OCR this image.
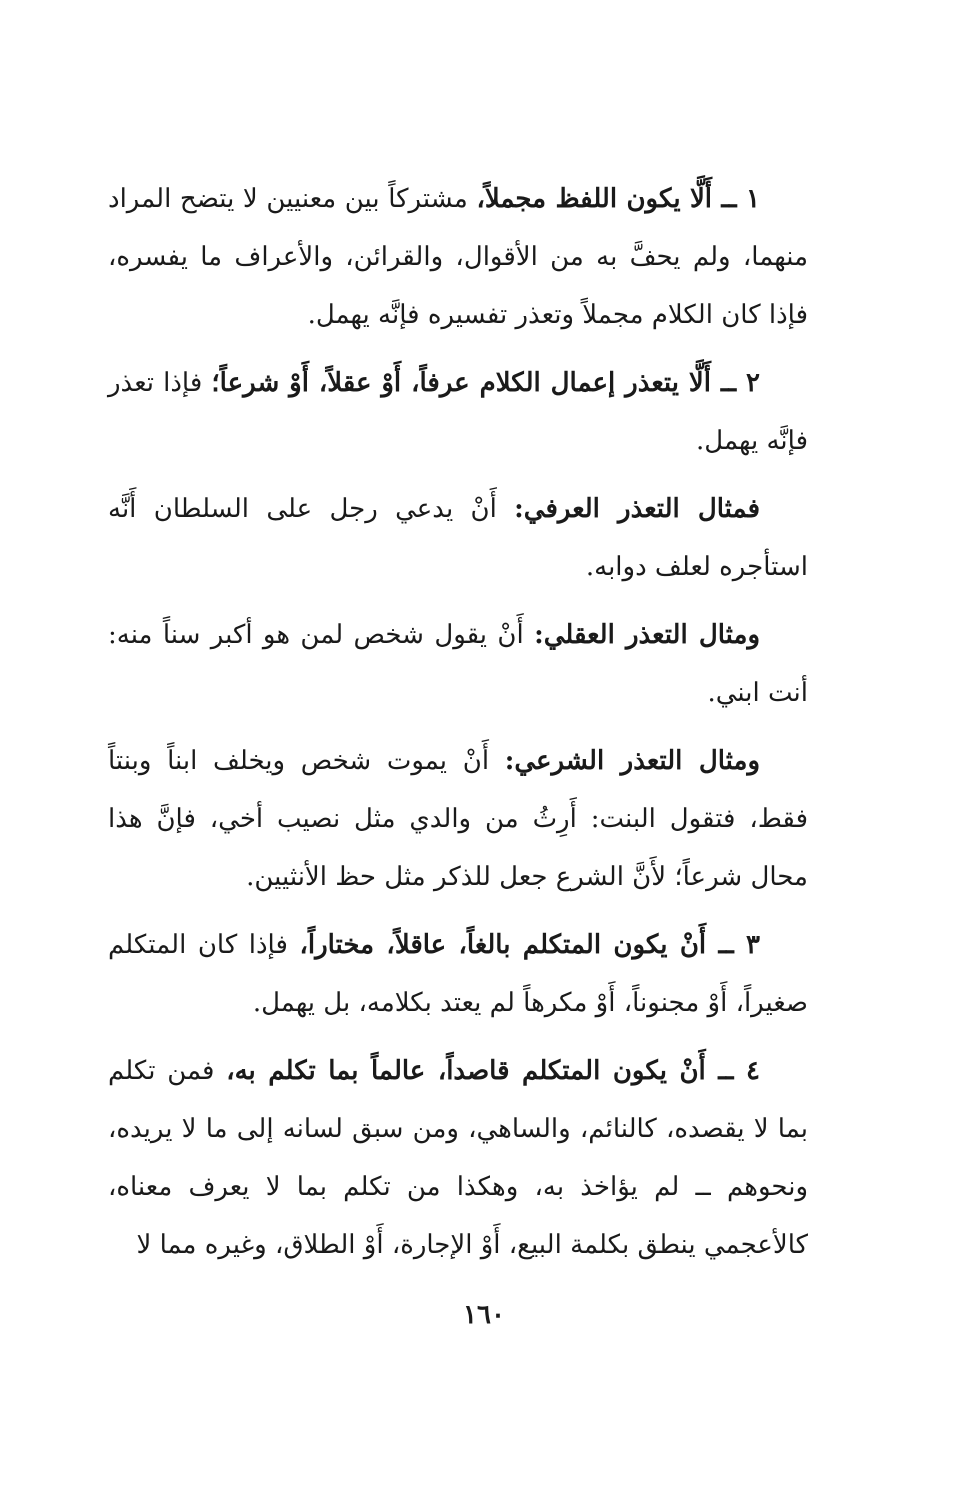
١ ــ أَلَّا يكون اللفظ مجملاً، مشتركاً بين معنيين لا يتضح المراد منهما، ولم يحفَّ به من الأقوال، والقرائن، والأعراف ما يفسره، فإذا كان الكلام مجملاً وتعذر تفسيره فإنَّه يهمل.

٢ ــ أَلَّا يتعذر إعمال الكلام عرفاً، أَوْ عقلاً، أَوْ شرعاً؛ فإذا تعذر فإنَّه يهمل.

فمثال التعذر العرفي: أَنْ يدعي رجل على السلطان أَنَّه استأجره لعلف دوابه.

ومثال التعذر العقلي: أَنْ يقول شخص لمن هو أكبر سناً منه: أنت ابني.

ومثال التعذر الشرعي: أَنْ يموت شخص ويخلف ابناً وبنتاً فقط، فتقول البنت: أَرِثُ من والدي مثل نصيب أخي، فإنَّ هذا محال شرعاً؛ لأَنَّ الشرع جعل للذكر مثل حظ الأنثيين.

٣ ــ أَنْ يكون المتكلم بالغاً، عاقلاً، مختاراً، فإذا كان المتكلم صغيراً، أَوْ مجنوناً، أَوْ مكرهاً لم يعتد بكلامه، بل يهمل.

٤ ــ أَنْ يكون المتكلم قاصداً، عالماً بما تكلم به، فمن تكلم بما لا يقصده، كالنائم، والساهي، ومن سبق لسانه إلى ما لا يريده، ونحوهم ــ لم يؤاخذ به، وهكذا من تكلم بما لا يعرف معناه، كالأعجمي ينطق بكلمة البيع، أَوْ الإجارة، أَوْ الطلاق، وغيره مما لا

١٦٠
